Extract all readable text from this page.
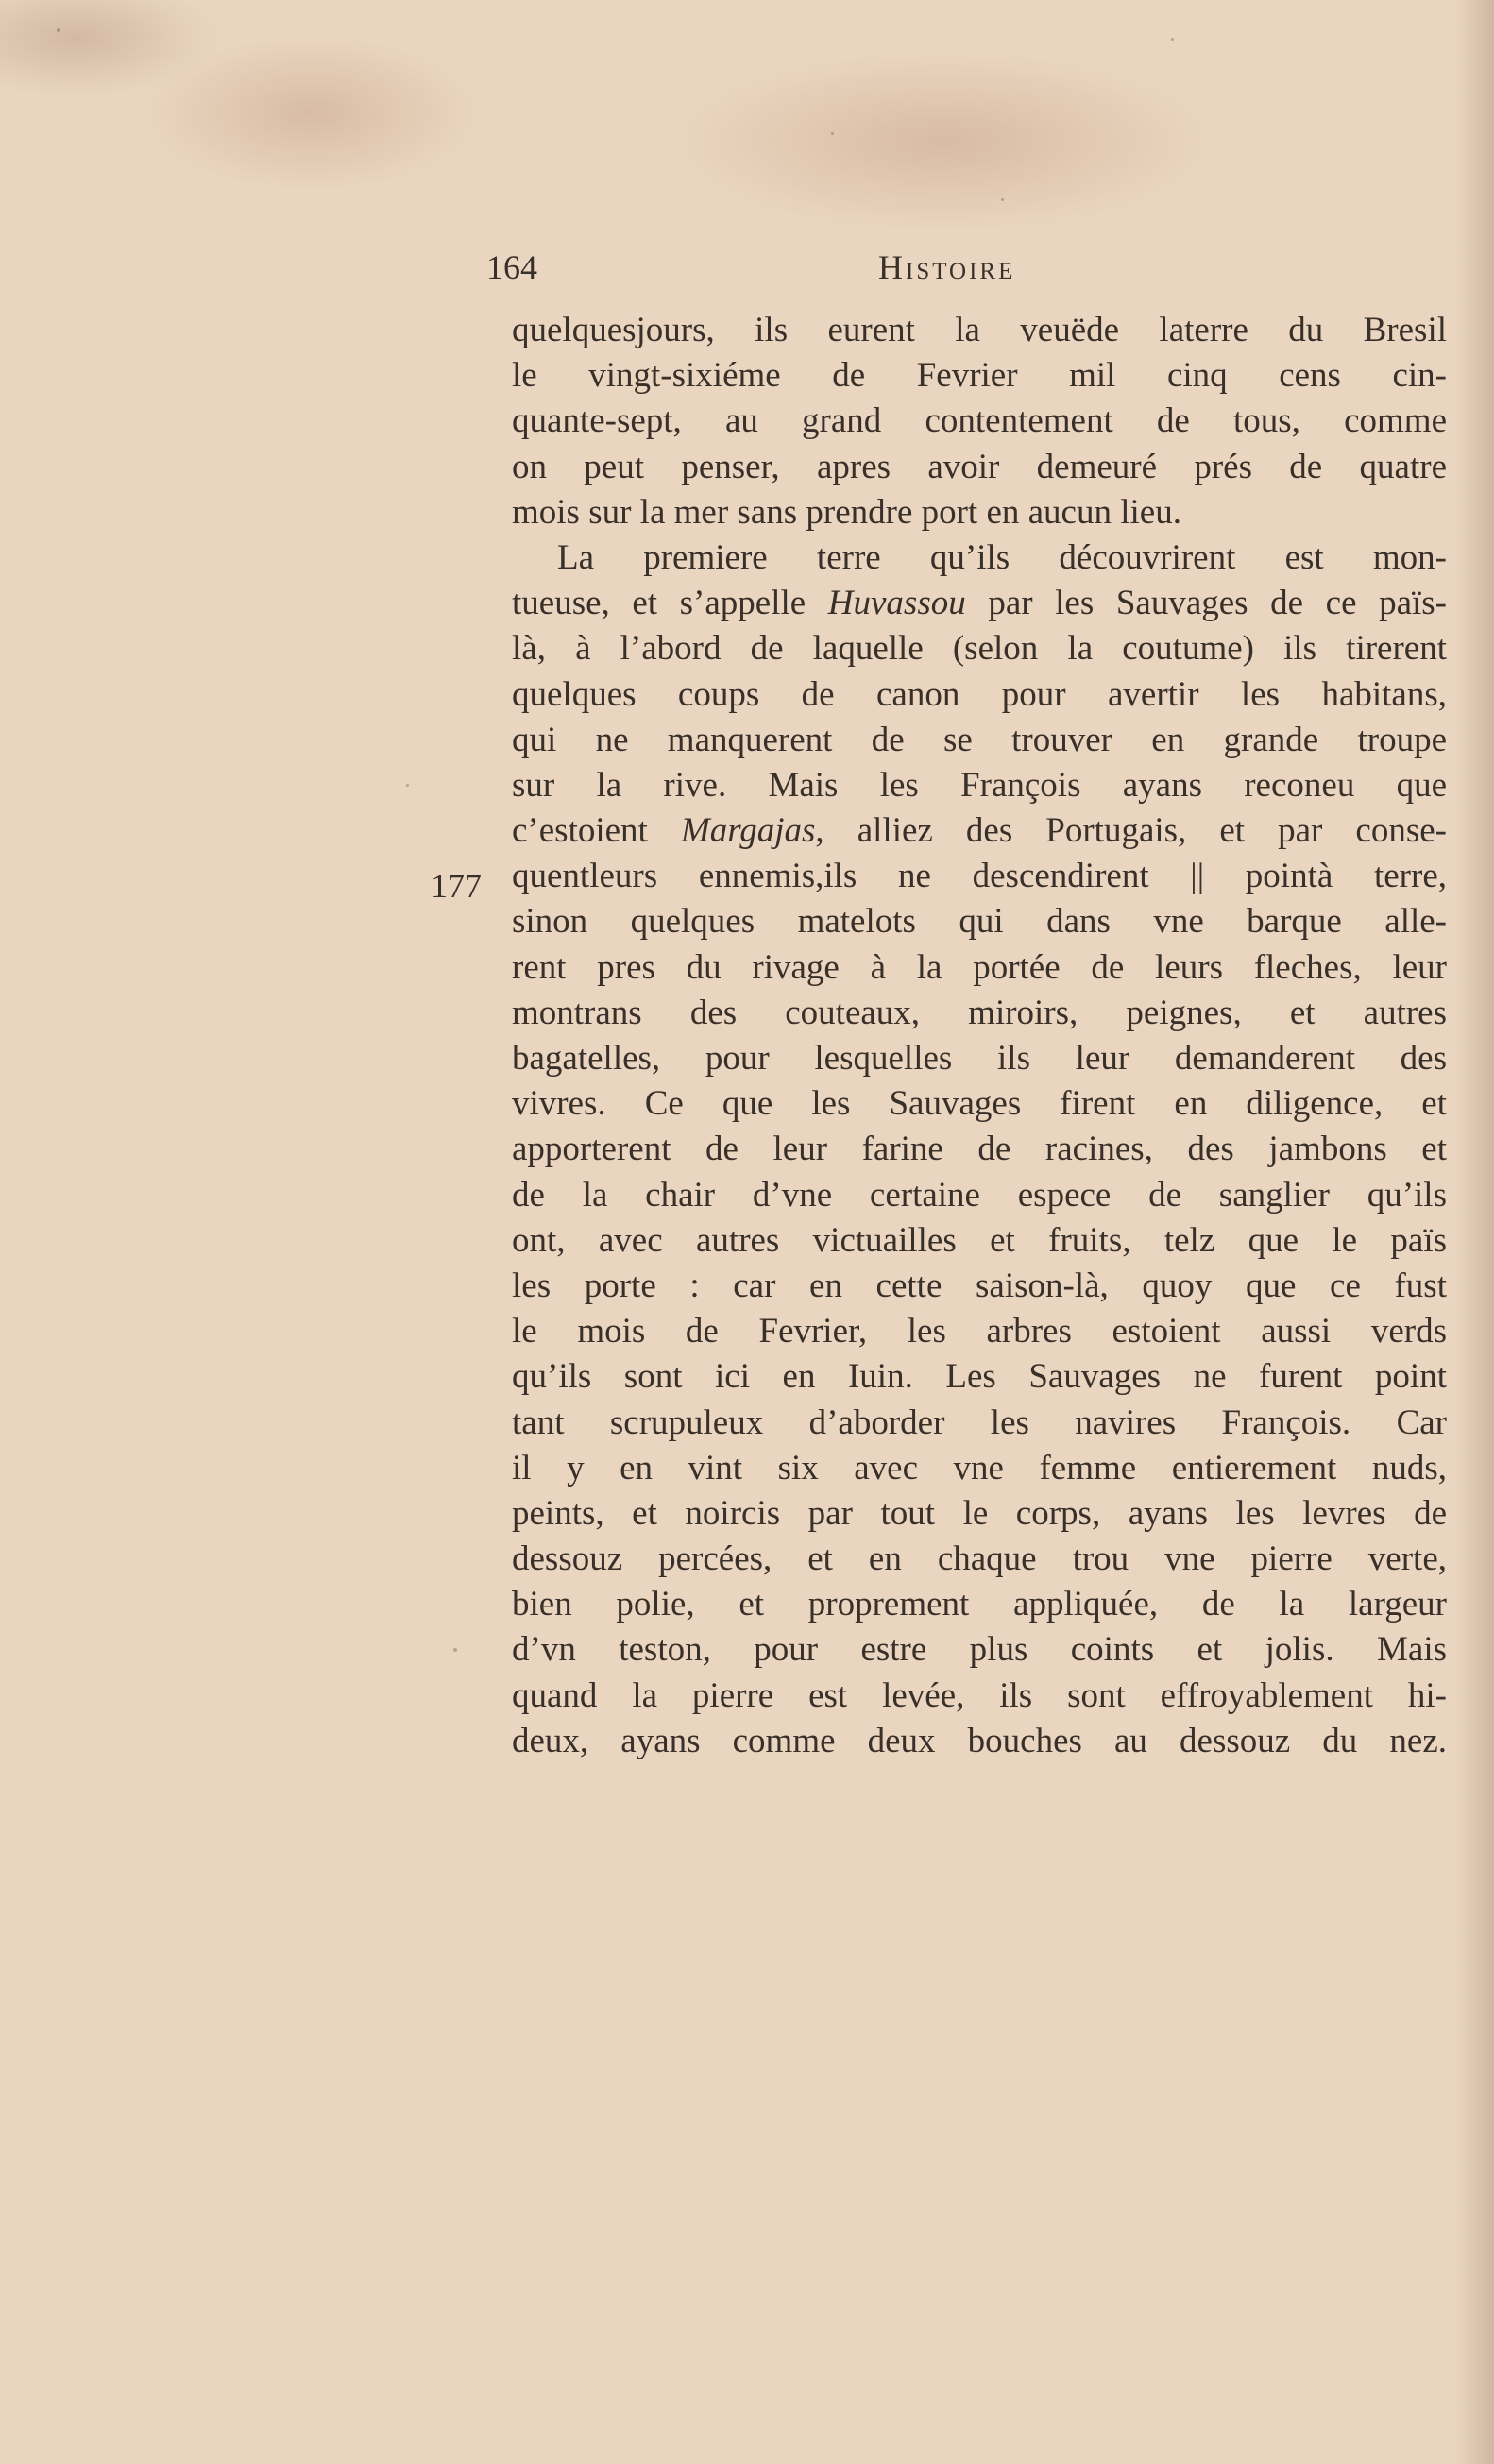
164	Histoire
177
quelquesjours, ils eurent la veuëde laterre du Bresil
le vingt-sixiéme de Fevrier mil cinq cens cin-
quante-sept, au grand contentement de tous, comme
on peut penser, apres avoir demeuré prés de quatre
mois sur la mer sans prendre port en aucun lieu.
La premiere terre qu’ils découvrirent est mon-
tueuse, et s’appelle Huvassou par les Sauvages de ce païs-
là, à l’abord de laquelle (selon la coutume) ils tirerent
quelques coups de canon pour avertir les habitans,
qui ne manquerent de se trouver en grande troupe
sur la rive. Mais les François ayans reconeu que
c’estoient Margajas, alliez des Portugais, et par conse-
quentleurs ennemis,ils ne descendirent || pointà terre,
sinon quelques matelots qui dans vne barque alle-
rent pres du rivage à la portée de leurs fleches, leur
montrans des couteaux, miroirs, peignes, et autres
bagatelles, pour lesquelles ils leur demanderent des
vivres. Ce que les Sauvages firent en diligence, et
apporterent de leur farine de racines, des jambons et
de la chair d’vne certaine espece de sanglier qu’ils
ont, avec autres victuailles et fruits, telz que le païs
les porte : car en cette saison-là, quoy que ce fust
le mois de Fevrier, les arbres estoient aussi verds
qu’ils sont ici en Iuin. Les Sauvages ne furent point
tant scrupuleux d’aborder les navires François. Car
il y en vint six avec vne femme entierement nuds,
peints, et noircis par tout le corps, ayans les levres de
dessouz percées, et en chaque trou vne pierre verte,
bien polie, et proprement appliquée, de la largeur
d’vn teston, pour estre plus coints et jolis. Mais
quand la pierre est levée, ils sont effroyablement hi-
deux, ayans comme deux bouches au dessouz du nez.
